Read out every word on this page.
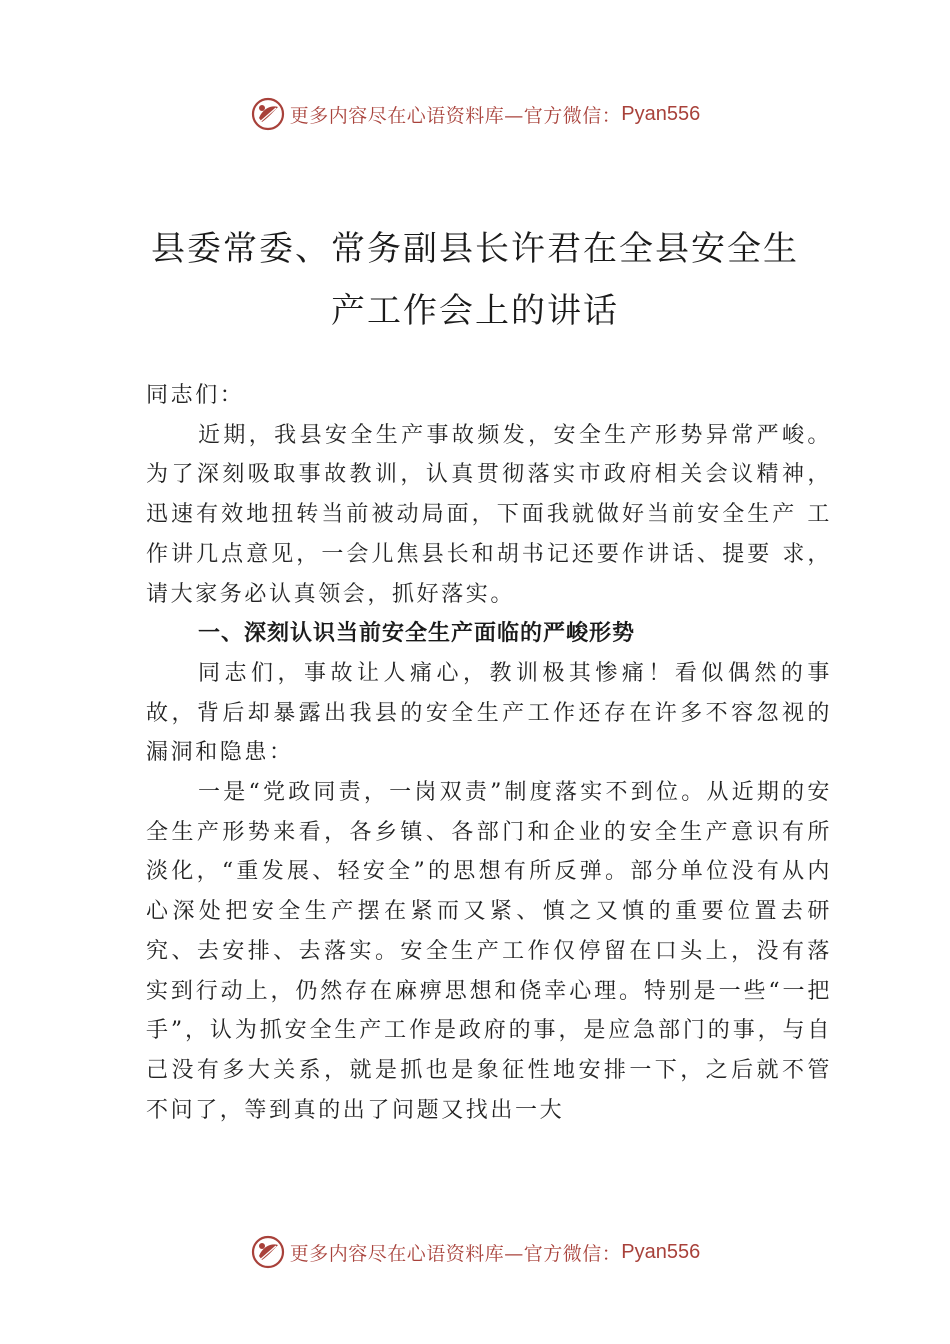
更多内容尽在心语资料库—官方微信： Pyan556
县委常委、常务副县长许君在全县安全生
产工作会上的讲话

同志们：

近期，我县安全生产事故频发，安全生产形势异常严峻。为了深刻吸取事故教训，认真贯彻落实市政府相关会议精神， 迅速有效地扭转当前被动局面，下面我就做好当前安全生产 工作讲几点意见，一会儿焦县长和胡书记还要作讲话、提要 求，请大家务必认真领会，抓好落实。

一、深刻认识当前安全生产面临的严峻形势

同志们，事故让人痛心，教训极其惨痛！看似偶然的事故，背后却暴露出我县的安全生产工作还存在许多不容忽视的漏洞和隐患：

一是“党政同责，一岗双责”制度落实不到位。从近期的安全生产形势来看，各乡镇、各部门和企业的安全生产意识有所淡化，“重发展、轻安全”的思想有所反弹。部分单位没有从内心深处把安全生产摆在紧而又紧、慎之又慎的重要位置去研究、去安排、去落实。安全生产工作仅停留在口头上，没有落实到行动上，仍然存在麻痹思想和侥幸心理。特别是一些“一把手”，认为抓安全生产工作是政府的事，是应急部门的事，与自己没有多大关系，就是抓也是象征性地安排一下，之后就不管不问了，等到真的出了问题又找出一大

更多内容尽在心语资料库—官方微信： Pyan556
